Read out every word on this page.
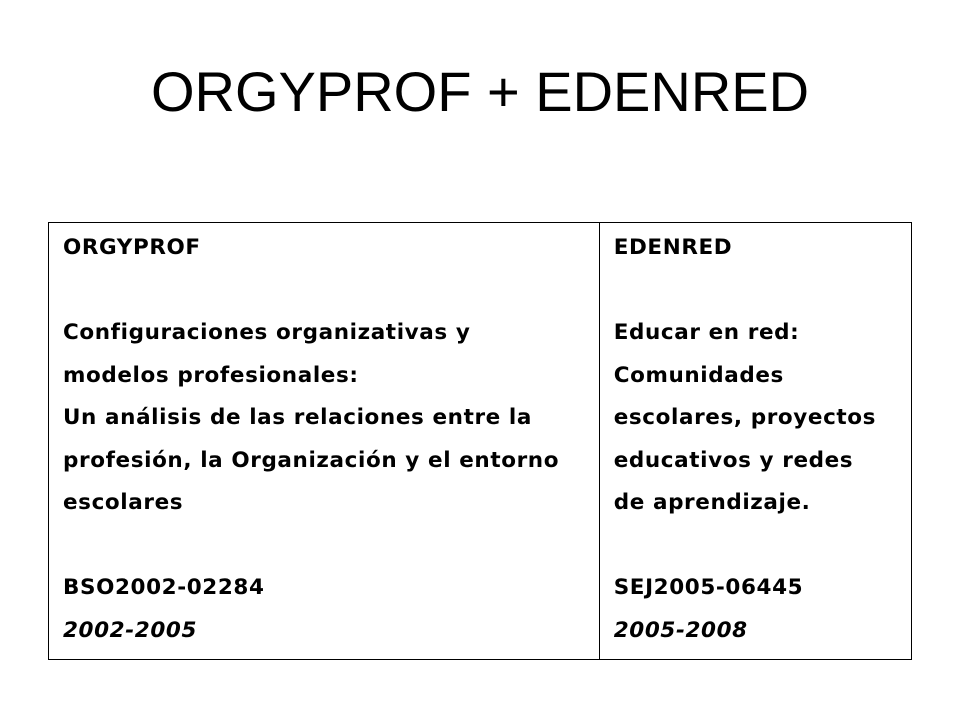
ORGYPROF + EDENRED
ORGYPROF
Configuraciones organizativas y
modelos profesionales:
Un análisis de las relaciones entre la
profesión, la Organización y el entorno
escolares
BSO2002-02284
2002-2005
EDENRED
Educar en red:
Comunidades
escolares, proyectos
educativos y redes
de aprendizaje.
SEJ2005-06445
2005-2008
